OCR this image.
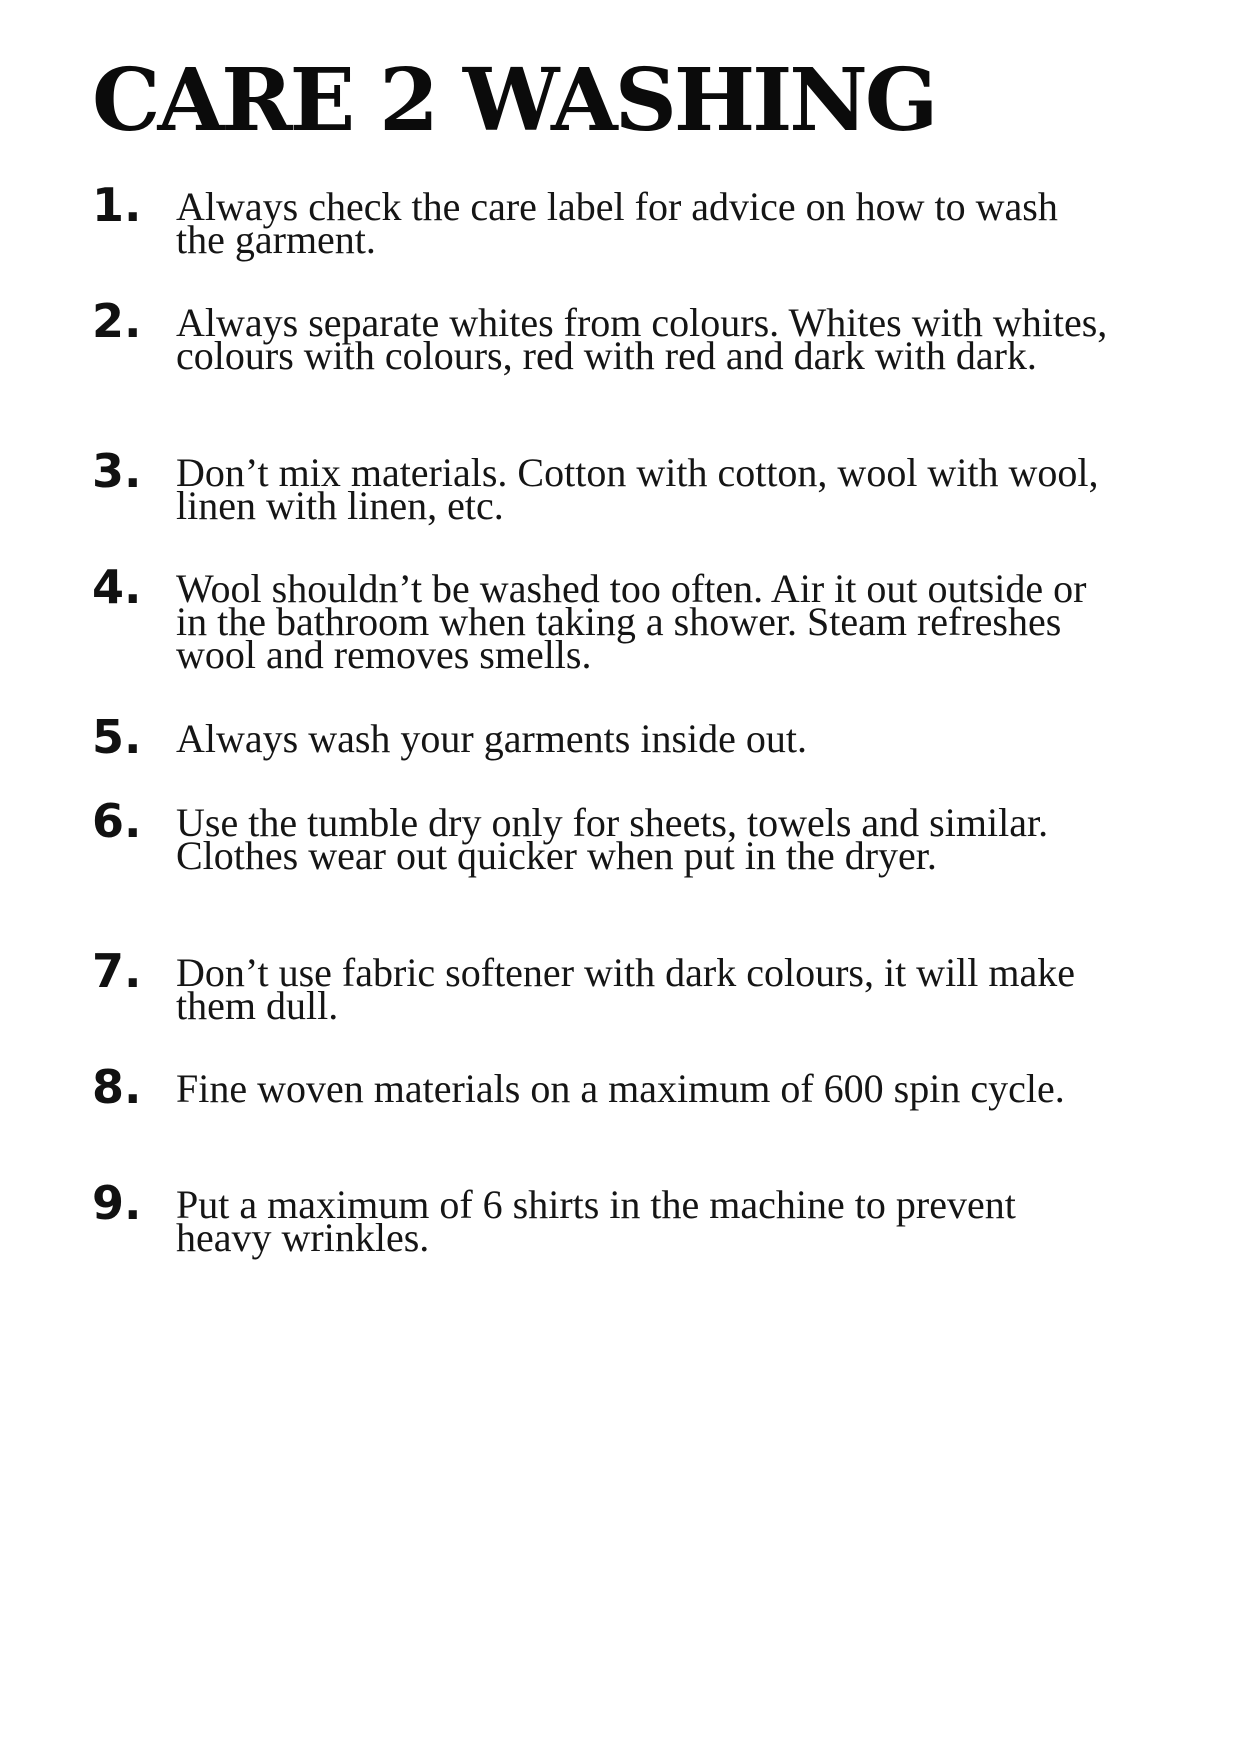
CARE 2 WASHING
1. Always check the care label for advice on how to wash the garment.
2. Always separate whites from colours. Whites with whites, colours with colours, red with red and dark with dark.
3. Don’t mix materials. Cotton with cotton, wool with wool, linen with linen, etc.
4. Wool shouldn’t be washed too often. Air it out outside or in the bathroom when taking a shower. Steam refreshes wool and removes smells.
5. Always wash your garments inside out.
6. Use the tumble dry only for sheets, towels and similar. Clothes wear out quicker when put in the dryer.
7. Don’t use fabric softener with dark colours, it will make them dull.
8. Fine woven materials on a maximum of 600 spin cycle.
9. Put a maximum of 6 shirts in the machine to prevent heavy wrinkles.
